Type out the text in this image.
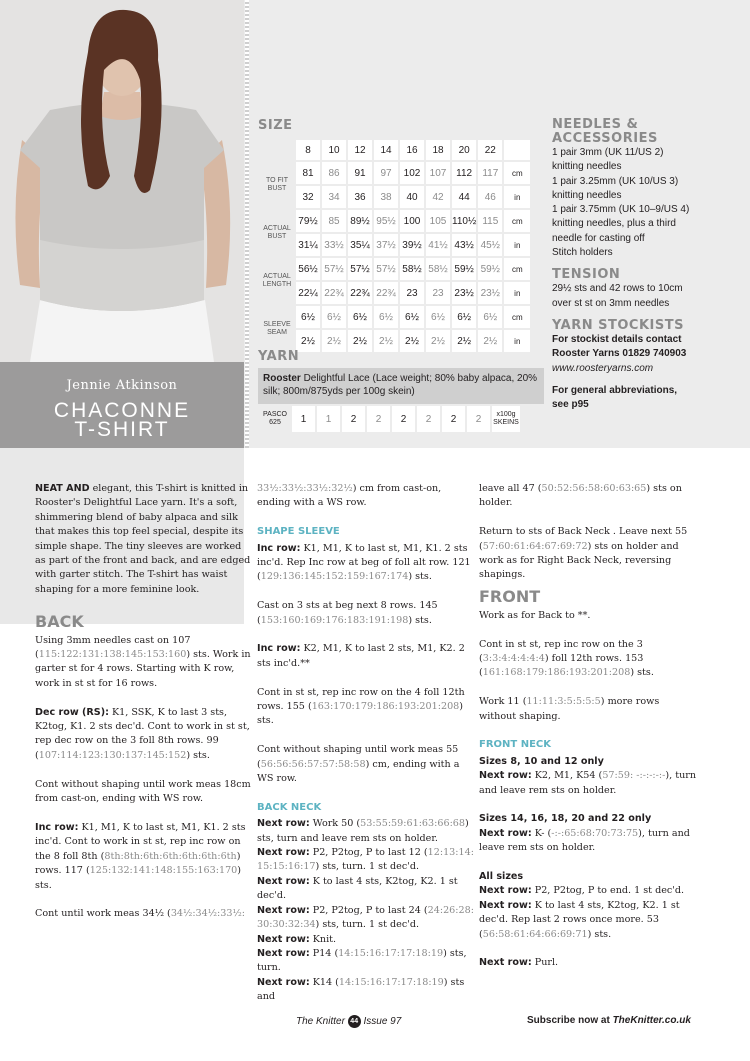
Jennie Atkinson
CHACONNE
T-SHIRT
SIZE
	8	10	12	14	16	18	20	22	
TO FIT BUST	81	86	91	97	102	107	112	117	cm
	32	34	36	38	40	42	44	46	in
ACTUAL BUST	79½	85	89½	95½	100	105	110½	115	cm
	31¼	33½	35¼	37½	39½	41½	43½	45½	in
ACTUAL LENGTH	56½	57½	57½	57½	58½	58½	59½	59½	cm
	22¼	22¾	22¾	22¾	23	23	23½	23½	in
SLEEVE SEAM	6½	6½	6½	6½	6½	6½	6½	6½	cm
	2½	2½	2½	2½	2½	2½	2½	2½	in
YARN
Rooster Delightful Lace (Lace weight; 80% baby alpaca, 20% silk; 800m/875yds per 100g skein)
PASCO 625	1	1	2	2	2	2	2	2	x100g SKEINS
NEEDLES &
ACCESSORIES

1 pair 3mm (UK 11/US 2)

knitting needles

1 pair 3.25mm (UK 10/US 3)

knitting needles

1 pair 3.75mm (UK 10–9/US 4)

knitting needles, plus a third

needle for casting off

Stitch holders

TENSION

29½ sts and 42 rows to 10cm

over st st on 3mm needles

YARN STOCKISTS

For stockist details contact

Rooster Yarns 01829 740903

www.roosteryarns.com

For general abbreviations,

see p95

NEAT AND elegant, this T-shirt is knitted in Rooster's Delightful Lace yarn. It's a soft, shimmering blend of baby alpaca and silk that makes this top feel special, despite its simple shape. The tiny sleeves are worked as part of the front and back, and are edged with garter stitch. The T-shirt has waist shaping for a more feminine look.

BACK

Using 3mm needles cast on 107 (115:122:131:138:145:153:160) sts. Work in garter st for 4 rows. Starting with K row, work in st st for 16 rows.

Dec row (RS): K1, SSK, K to last 3 sts, K2tog, K1. 2 sts dec'd. Cont to work in st st, rep dec row on the 3 foll 8th rows. 99 (107:114:123:130:137:145:152) sts.

Cont without shaping until work meas 18cm from cast-on, ending with WS row.

Inc row: K1, M1, K to last st, M1, K1. 2 sts inc'd. Cont to work in st st, rep inc row on the 8 foll 8th (8th:8th:6th:6th:6th:6th:6th) rows. 117 (125:132:141:148:155:163:170) sts.

Cont until work meas 34½ (34½:34½:33½:

33½:33½:33½:32½) cm from cast-on, ending with a WS row.

SHAPE SLEEVE

Inc row: K1, M1, K to last st, M1, K1. 2 sts inc'd. Rep Inc row at beg of foll alt row. 121 (129:136:145:152:159:167:174) sts.

Cast on 3 sts at beg next 8 rows. 145 (153:160:169:176:183:191:198) sts.

Inc row: K2, M1, K to last 2 sts, M1, K2. 2 sts inc'd.**

Cont in st st, rep inc row on the 4 foll 12th rows. 155 (163:170:179:186:193:201:208) sts.

Cont without shaping until work meas 55 (56:56:56:57:57:58:58) cm, ending with a WS row.

BACK NECK

Next row: Work 50 (53:55:59:61:63:66:68) sts, turn and leave rem sts on holder.

Next row: P2, P2tog, P to last 12 (12:13:14: 15:15:16:17) sts, turn. 1 st dec'd.

Next row: K to last 4 sts, K2tog, K2. 1 st dec'd.

Next row: P2, P2tog, P to last 24 (24:26:28: 30:30:32:34) sts, turn. 1 st dec'd.

Next row: Knit.

Next row: P14 (14:15:16:17:17:18:19) sts, turn.

Next row: K14 (14:15:16:17:17:18:19) sts and

leave all 47 (50:52:56:58:60:63:65) sts on holder.

Return to sts of Back Neck . Leave next 55 (57:60:61:64:67:69:72) sts on holder and work as for Right Back Neck, reversing shapings.

FRONT

Work as for Back to **.

Cont in st st, rep inc row on the 3 (3:3:4:4:4:4:4) foll 12th rows. 153 (161:168:179:186:193:201:208) sts.

Work 11 (11:11:3:5:5:5:5) more rows without shaping.

FRONT NECK

Sizes 8, 10 and 12 only

Next row: K2, M1, K54 (57:59: -:-:-:-:-), turn and leave rem sts on holder.

Sizes 14, 16, 18, 20 and 22 only

Next row: K- (-:-:65:68:70:73:75), turn and leave rem sts on holder.

All sizes

Next row: P2, P2tog, P to end. 1 st dec'd.

Next row: K to last 4 sts, K2tog, K2. 1 st dec'd. Rep last 2 rows once more. 53 (56:58:61:64:66:69:71) sts.

Next row: Purl.

The Knitter 44 Issue 97	Subscribe now at TheKnitter.co.uk
